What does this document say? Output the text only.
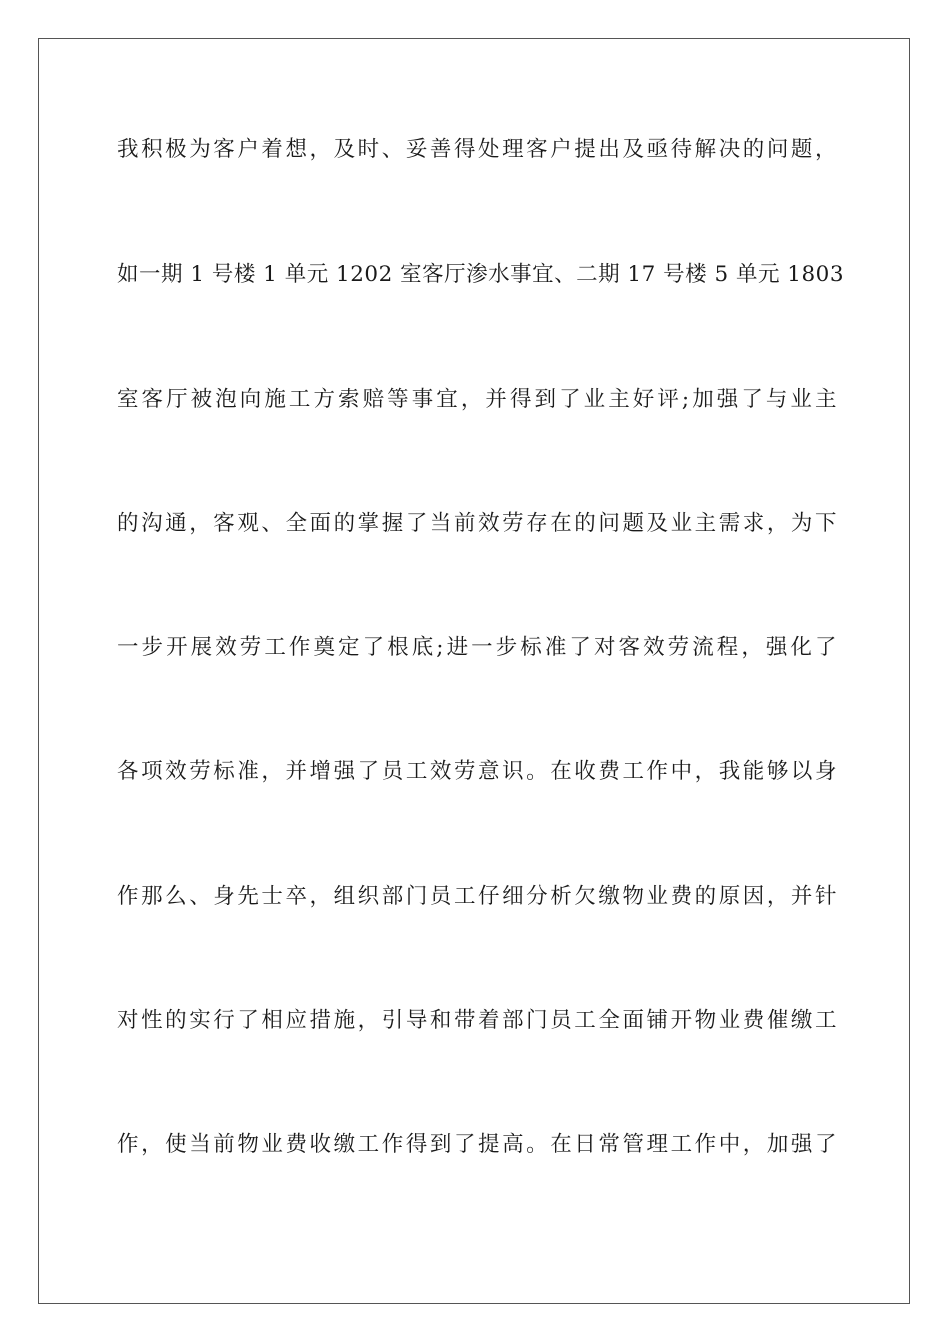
我积极为客户着想，及时、妥善得处理客户提出及亟待解决的问题，
如一期 1 号楼 1 单元 1202 室客厅渗水事宜、二期 17 号楼 5 单元 1803
室客厅被泡向施工方索赔等事宜，并得到了业主好评;加强了与业主
的沟通，客观、全面的掌握了当前效劳存在的问题及业主需求，为下
一步开展效劳工作奠定了根底;进一步标准了对客效劳流程，强化了
各项效劳标准，并增强了员工效劳意识。在收费工作中，我能够以身
作那么、身先士卒，组织部门员工仔细分析欠缴物业费的原因，并针
对性的实行了相应措施，引导和带着部门员工全面铺开物业费催缴工
作，使当前物业费收缴工作得到了提高。在日常管理工作中，加强了
